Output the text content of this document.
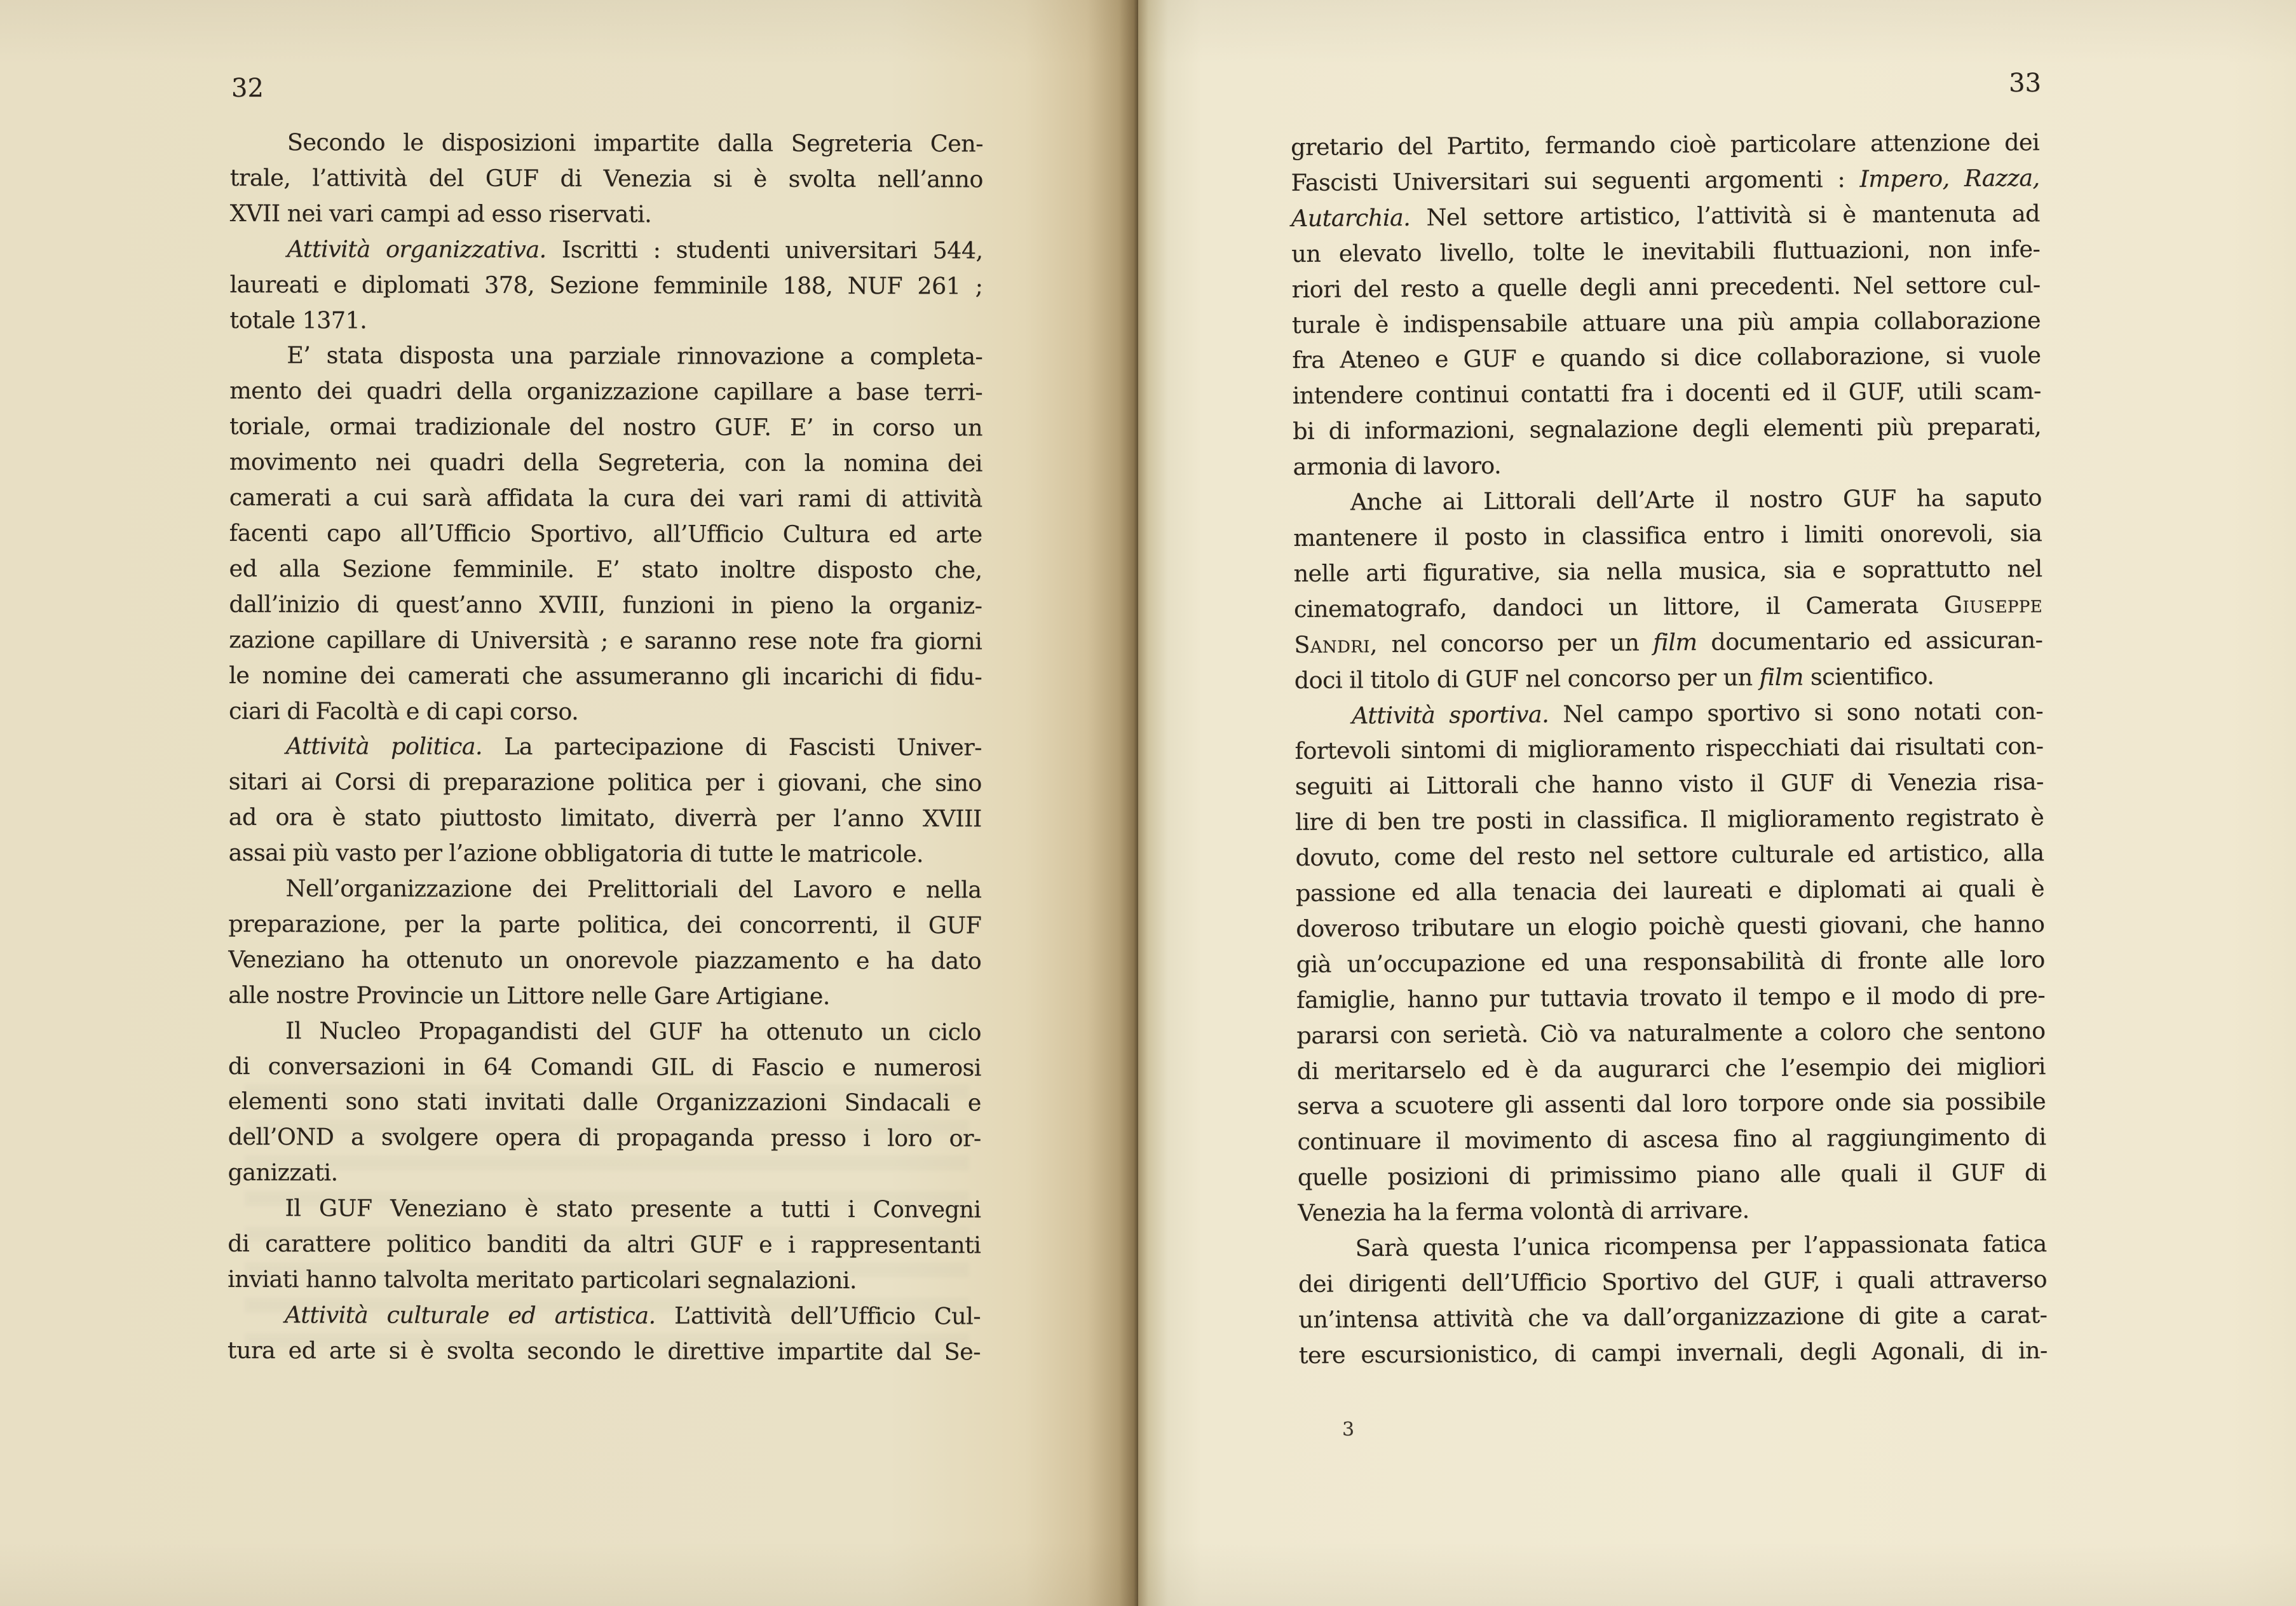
32	33
Secondo le disposizioni impartite dalla Segreteria Cen-
trale, l’attività del GUF di Venezia si è svolta nell’anno
XVII nei vari campi ad esso riservati.
Attività organizzativa. Iscritti : studenti universitari 544,
laureati e diplomati 378, Sezione femminile 188, NUF 261 ;
totale 1371.
E’ stata disposta una parziale rinnovazione a completa-
mento dei quadri della organizzazione capillare a base terri-
toriale, ormai tradizionale del nostro GUF. E’ in corso un
movimento nei quadri della Segreteria, con la nomina dei
camerati a cui sarà affidata la cura dei vari rami di attività
facenti capo all’Ufficio Sportivo, all’Ufficio Cultura ed arte
ed alla Sezione femminile. E’ stato inoltre disposto che,
dall’inizio di quest’anno XVIII, funzioni in pieno la organiz-
zazione capillare di Università ; e saranno rese note fra giorni
le nomine dei camerati che assumeranno gli incarichi di fidu-
ciari di Facoltà e di capi corso.
Attività politica. La partecipazione di Fascisti Univer-
sitari ai Corsi di preparazione politica per i giovani, che sino
ad ora è stato piuttosto limitato, diverrà per l’anno XVIII
assai più vasto per l’azione obbligatoria di tutte le matricole.
Nell’organizzazione dei Prelittoriali del Lavoro e nella
preparazione, per la parte politica, dei concorrenti, il GUF
Veneziano ha ottenuto un onorevole piazzamento e ha dato
alle nostre Provincie un Littore nelle Gare Artigiane.
Il Nucleo Propagandisti del GUF ha ottenuto un ciclo
di conversazioni in 64 Comandi GIL di Fascio e numerosi
elementi sono stati invitati dalle Organizzazioni Sindacali e
dell’OND a svolgere opera di propaganda presso i loro or-
ganizzati.
Il GUF Veneziano è stato presente a tutti i Convegni
di carattere politico banditi da altri GUF e i rappresentanti
inviati hanno talvolta meritato particolari segnalazioni.
Attività culturale ed artistica. L’attività dell’Ufficio Cul-
tura ed arte si è svolta secondo le direttive impartite dal Se-
gretario del Partito, fermando cioè particolare attenzione dei
Fascisti Universitari sui seguenti argomenti : Impero, Razza,
Autarchia. Nel settore artistico, l’attività si è mantenuta ad
un elevato livello, tolte le inevitabili fluttuazioni, non infe-
riori del resto a quelle degli anni precedenti. Nel settore cul-
turale è indispensabile attuare una più ampia collaborazione
fra Ateneo e GUF e quando si dice collaborazione, si vuole
intendere continui contatti fra i docenti ed il GUF, utili scam-
bi di informazioni, segnalazione degli elementi più preparati,
armonia di lavoro.
Anche ai Littorali dell’Arte il nostro GUF ha saputo
mantenere il posto in classifica entro i limiti onorevoli, sia
nelle arti figurative, sia nella musica, sia e soprattutto nel
cinematografo, dandoci un littore, il Camerata Giuseppe
Sandri, nel concorso per un film documentario ed assicuran-
doci il titolo di GUF nel concorso per un film scientifico.
Attività sportiva. Nel campo sportivo si sono notati con-
fortevoli sintomi di miglioramento rispecchiati dai risultati con-
seguiti ai Littorali che hanno visto il GUF di Venezia risa-
lire di ben tre posti in classifica. Il miglioramento registrato è
dovuto, come del resto nel settore culturale ed artistico, alla
passione ed alla tenacia dei laureati e diplomati ai quali è
doveroso tributare un elogio poichè questi giovani, che hanno
già un’occupazione ed una responsabilità di fronte alle loro
famiglie, hanno pur tuttavia trovato il tempo e il modo di pre-
pararsi con serietà. Ciò va naturalmente a coloro che sentono
di meritarselo ed è da augurarci che l’esempio dei migliori
serva a scuotere gli assenti dal loro torpore onde sia possibile
continuare il movimento di ascesa fino al raggiungimento di
quelle posizioni di primissimo piano alle quali il GUF di
Venezia ha la ferma volontà di arrivare.
Sarà questa l’unica ricompensa per l’appassionata fatica
dei dirigenti dell’Ufficio Sportivo del GUF, i quali attraverso
un’intensa attività che va dall’organizzazione di gite a carat-
tere escursionistico, di campi invernali, degli Agonali, di in-
3
